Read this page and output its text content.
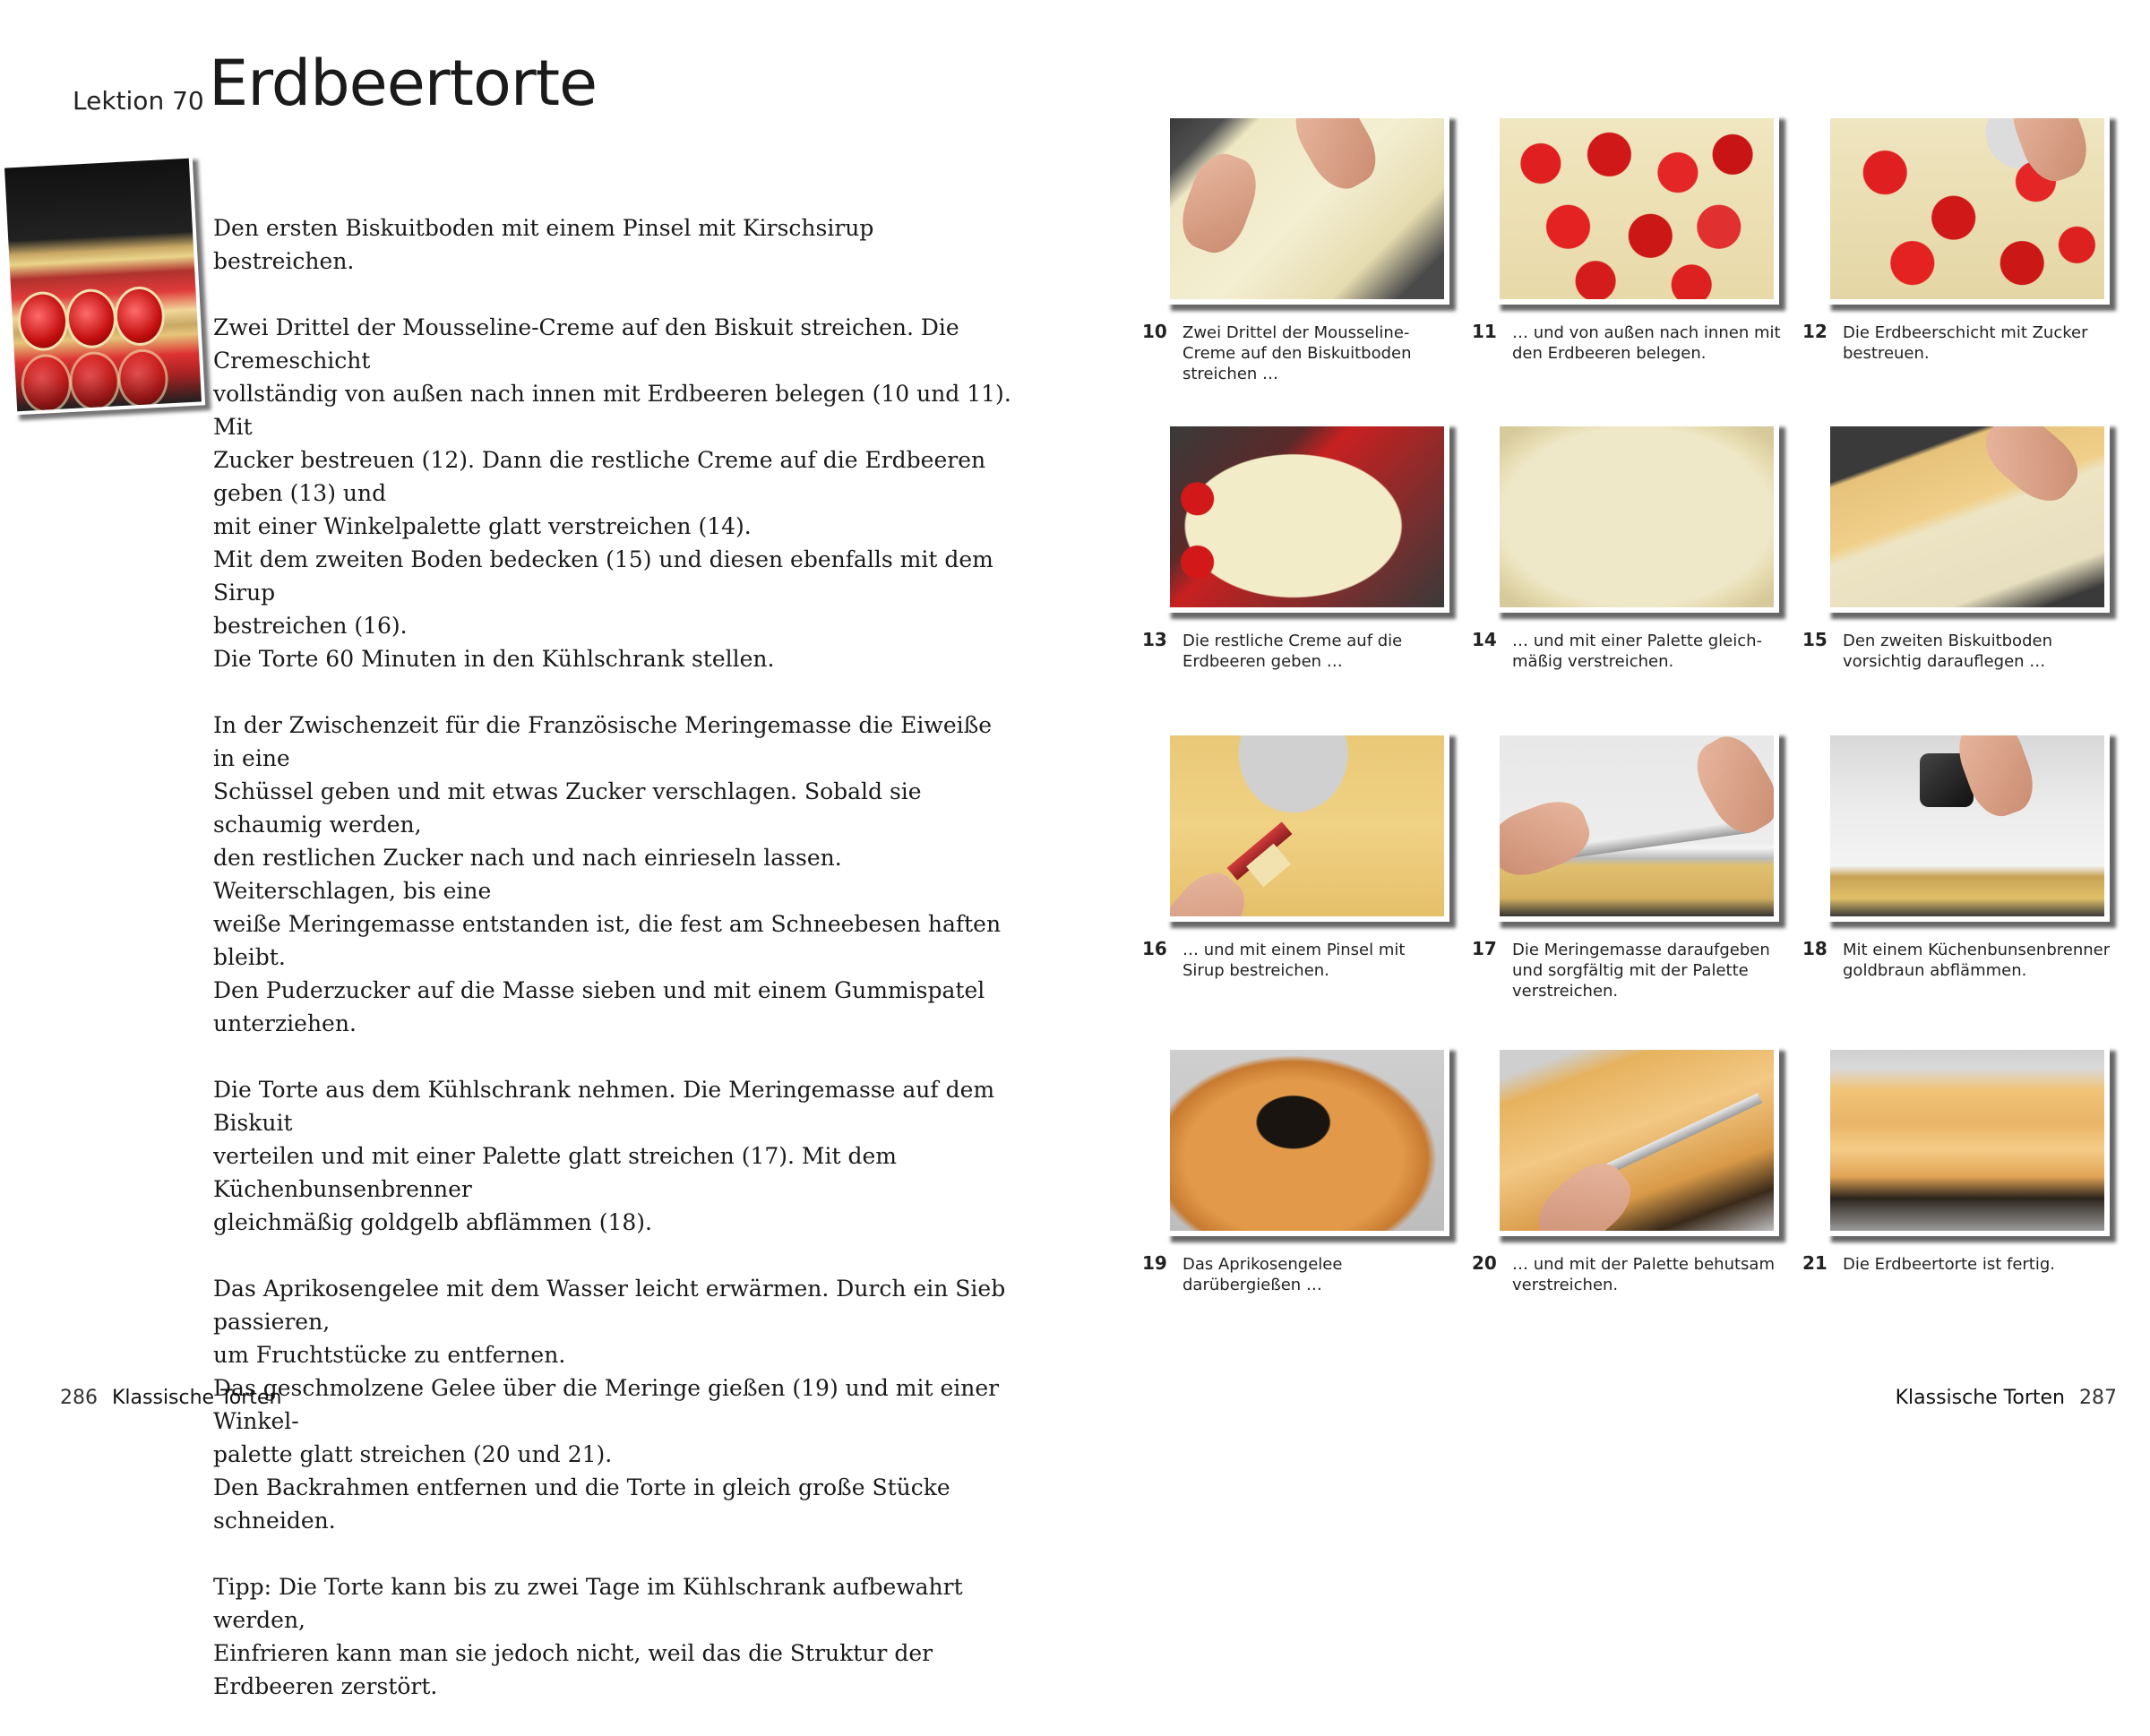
Lektion 70 Erdbeertorte

Den ersten Biskuitboden mit einem Pinsel mit Kirschsirup bestreichen.

Zwei Drittel der Mousseline-Creme auf den Biskuit streichen. Die Cremeschicht
vollständig von außen nach innen mit Erdbeeren belegen (10 und 11). Mit
Zucker bestreuen (12). Dann die restliche Creme auf die Erdbeeren geben (13) und
mit einer Winkelpalette glatt verstreichen (14).
Mit dem zweiten Boden bedecken (15) und diesen ebenfalls mit dem Sirup
bestreichen (16).
Die Torte 60 Minuten in den Kühlschrank stellen.

In der Zwischenzeit für die Französische Meringemasse die Eiweiße in eine
Schüssel geben und mit etwas Zucker verschlagen. Sobald sie schaumig werden,
den restlichen Zucker nach und nach einrieseln lassen. Weiterschlagen, bis eine
weiße Meringemasse entstanden ist, die fest am Schneebesen haften bleibt.
Den Puderzucker auf die Masse sieben und mit einem Gummispatel unterziehen.

Die Torte aus dem Kühlschrank nehmen. Die Meringemasse auf dem Biskuit
verteilen und mit einer Palette glatt streichen (17). Mit dem Küchenbunsenbrenner
gleichmäßig goldgelb abflämmen (18).

Das Aprikosengelee mit dem Wasser leicht erwärmen. Durch ein Sieb passieren,
um Fruchtstücke zu entfernen.
Das geschmolzene Gelee über die Meringe gießen (19) und mit einer Winkel-
palette glatt streichen (20 und 21).
Den Backrahmen entfernen und die Torte in gleich große Stücke schneiden.

Tipp: Die Torte kann bis zu zwei Tage im Kühlschrank aufbewahrt werden,
Einfrieren kann man sie jedoch nicht, weil das die Struktur der Erdbeeren zerstört.

10 Zwei Drittel der Mousseline-Creme auf den Biskuitboden streichen …
11 … und von außen nach innen mit den Erdbeeren belegen.
12 Die Erdbeerschicht mit Zucker bestreuen.
13 Die restliche Creme auf die Erdbeeren geben …
14 … und mit einer Palette gleich-mäßig verstreichen.
15 Den zweiten Biskuitboden vorsichtig darauflegen …
16 … und mit einem Pinsel mit Sirup bestreichen.
17 Die Meringemasse daraufgeben und sorgfältig mit der Palette verstreichen.
18 Mit einem Küchenbunsenbrenner goldbraun abflämmen.
19 Das Aprikosengelee darübergießen …
20 … und mit der Palette behutsam verstreichen.
21 Die Erdbeertorte ist fertig.
286 Klassische Torten	Klassische Torten 287
